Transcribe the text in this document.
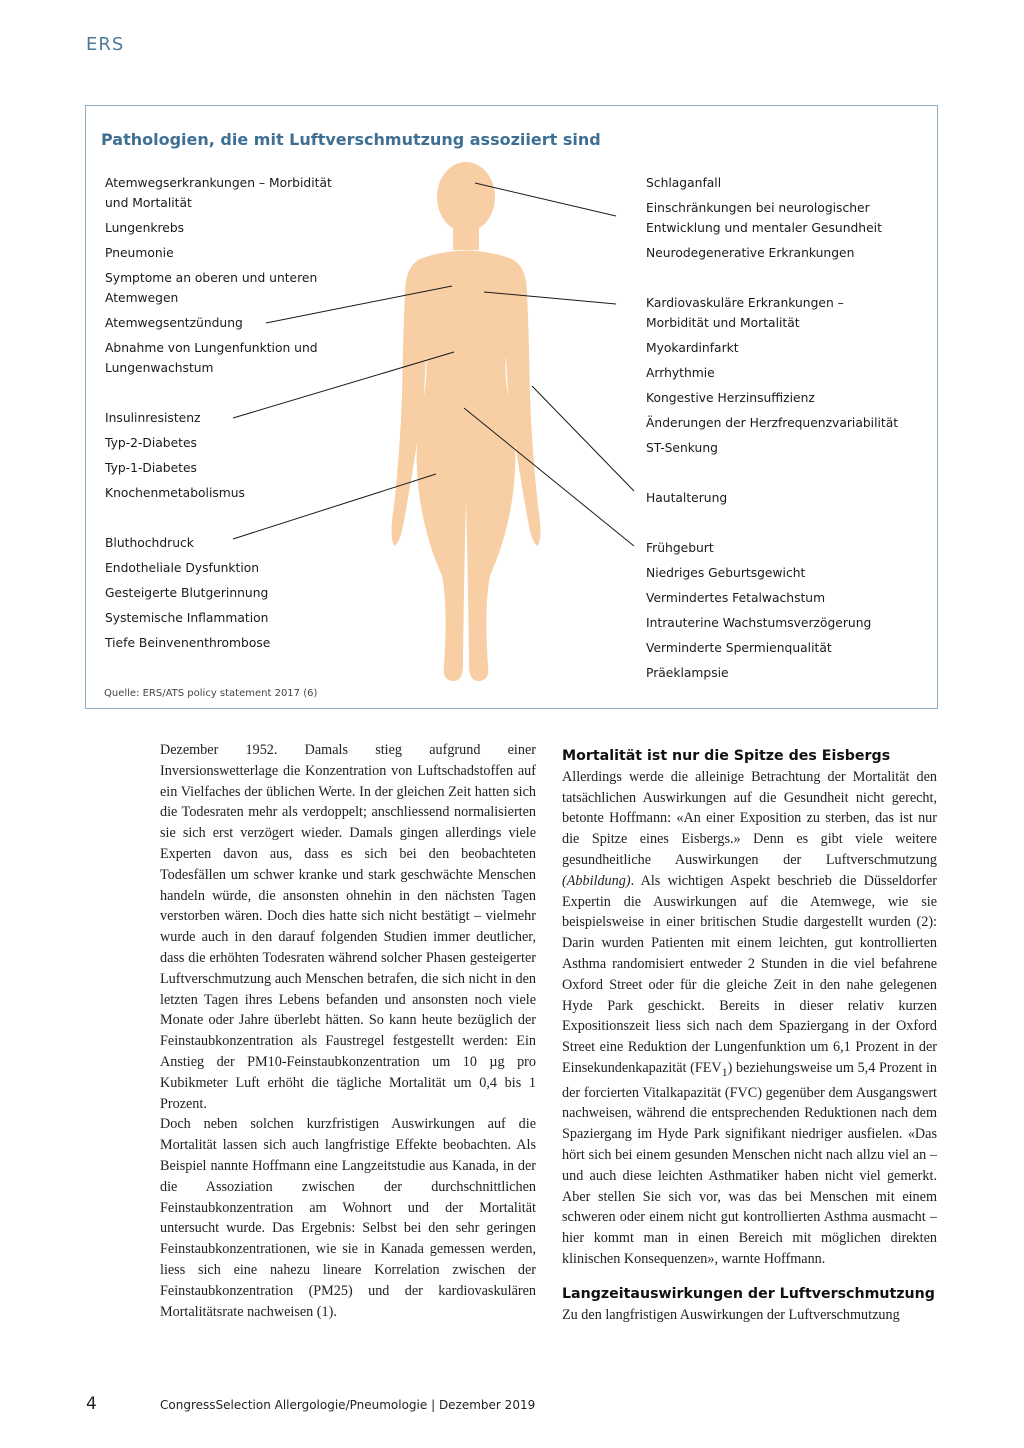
ERS
Pathologien, die mit Luftverschmutzung assoziiert sind
Atemwegserkrankungen – Morbidität
und Mortalität
Lungenkrebs
Pneumonie
Symptome an oberen und unteren
Atemwegen
Atemwegsentzündung
Abnahme von Lungenfunktion und
Lungenwachstum
Insulinresistenz
Typ-2-Diabetes
Typ-1-Diabetes
Knochenmetabolismus
Bluthochdruck
Endotheliale Dysfunktion
Gesteigerte Blutgerinnung
Systemische Inflammation
Tiefe Beinvenenthrombose
Schlaganfall
Einschränkungen bei neurologischer
Entwicklung und mentaler Gesundheit
Neurodegenerative Erkrankungen
Kardiovaskuläre Erkrankungen –
Morbidität und Mortalität
Myokardinfarkt
Arrhythmie
Kongestive Herzinsuffizienz
Änderungen der Herzfrequenzvariabilität
ST-Senkung
Hautalterung
Frühgeburt
Niedriges Geburtsgewicht
Vermindertes Fetalwachstum
Intrauterine Wachstumsverzögerung
Verminderte Spermienqualität
Präeklampsie
Quelle: ERS/ATS policy statement 2017 (6)

Dezember 1952. Damals stieg aufgrund einer Inversionswetterlage die Konzentration von Luftschadstoffen auf ein Vielfaches der üblichen Werte. In der gleichen Zeit hatten sich die Todesraten mehr als verdoppelt; anschliessend normalisierten sie sich erst verzögert wieder. Damals gingen allerdings viele Experten davon aus, dass es sich bei den beobachteten Todesfällen um schwer kranke und stark geschwächte Menschen handeln würde, die ansonsten ohnehin in den nächsten Tagen verstorben wären. Doch dies hatte sich nicht bestätigt – vielmehr wurde auch in den darauf folgenden Studien immer deutlicher, dass die erhöhten Todesraten während solcher Phasen gesteigerter Luftverschmutzung auch Menschen betrafen, die sich nicht in den letzten Tagen ihres Lebens befanden und ansonsten noch viele Monate oder Jahre überlebt hätten. So kann heute bezüglich der Feinstaubkonzentration als Faustregel festgestellt werden: Ein Anstieg der PM10-Feinstaubkonzentration um 10 µg pro Kubikmeter Luft erhöht die tägliche Mortalität um 0,4 bis 1 Prozent.

Doch neben solchen kurzfristigen Auswirkungen auf die Mortalität lassen sich auch langfristige Effekte beobachten. Als Beispiel nannte Hoffmann eine Langzeitstudie aus Kanada, in der die Assoziation zwischen der durchschnittlichen Feinstaubkonzentration am Wohnort und der Mortalität untersucht wurde. Das Ergebnis: Selbst bei den sehr geringen Feinstaubkonzentrationen, wie sie in Kanada gemessen werden, liess sich eine nahezu lineare Korrelation zwischen der Feinstaubkonzentration (PM25) und der kardiovaskulären Mortalitätsrate nachweisen (1).

Mortalität ist nur die Spitze des Eisbergs

Allerdings werde die alleinige Betrachtung der Mortalität den tatsächlichen Auswirkungen auf die Gesundheit nicht gerecht, betonte Hoffmann: «An einer Exposition zu sterben, das ist nur die Spitze eines Eisbergs.» Denn es gibt viele weitere gesundheitliche Auswirkungen der Luftverschmutzung (Abbildung). Als wichtigen Aspekt beschrieb die Düsseldorfer Expertin die Auswirkungen auf die Atemwege, wie sie beispielsweise in einer britischen Studie dargestellt wurden (2): Darin wurden Patienten mit einem leichten, gut kontrollierten Asthma randomisiert entweder 2 Stunden in die viel befahrene Oxford Street oder für die gleiche Zeit in den nahe gelegenen Hyde Park geschickt. Bereits in dieser relativ kurzen Expositionszeit liess sich nach dem Spaziergang in der Oxford Street eine Reduktion der Lungenfunktion um 6,1 Prozent in der Einsekundenkapazität $(FEV_1)$ beziehungsweise um 5,4 Prozent in der forcierten Vitalkapazität (FVC) gegenüber dem Ausgangswert nachweisen, während die entsprechenden Reduktionen nach dem Spaziergang im Hyde Park signifikant niedriger ausfielen. «Das hört sich bei einem gesunden Menschen nicht nach allzu viel an – und auch diese leichten Asthmatiker haben nicht viel gemerkt. Aber stellen Sie sich vor, was das bei Menschen mit einem schweren oder einem nicht gut kontrollierten Asthma ausmacht – hier kommt man in einen Bereich mit möglichen direkten klinischen Konsequenzen», warnte Hoffmann.

Langzeitauswirkungen der Luftverschmutzung

Zu den langfristigen Auswirkungen der Luftverschmutzung

4	CongressSelection Allergologie/Pneumologie | Dezember 2019
